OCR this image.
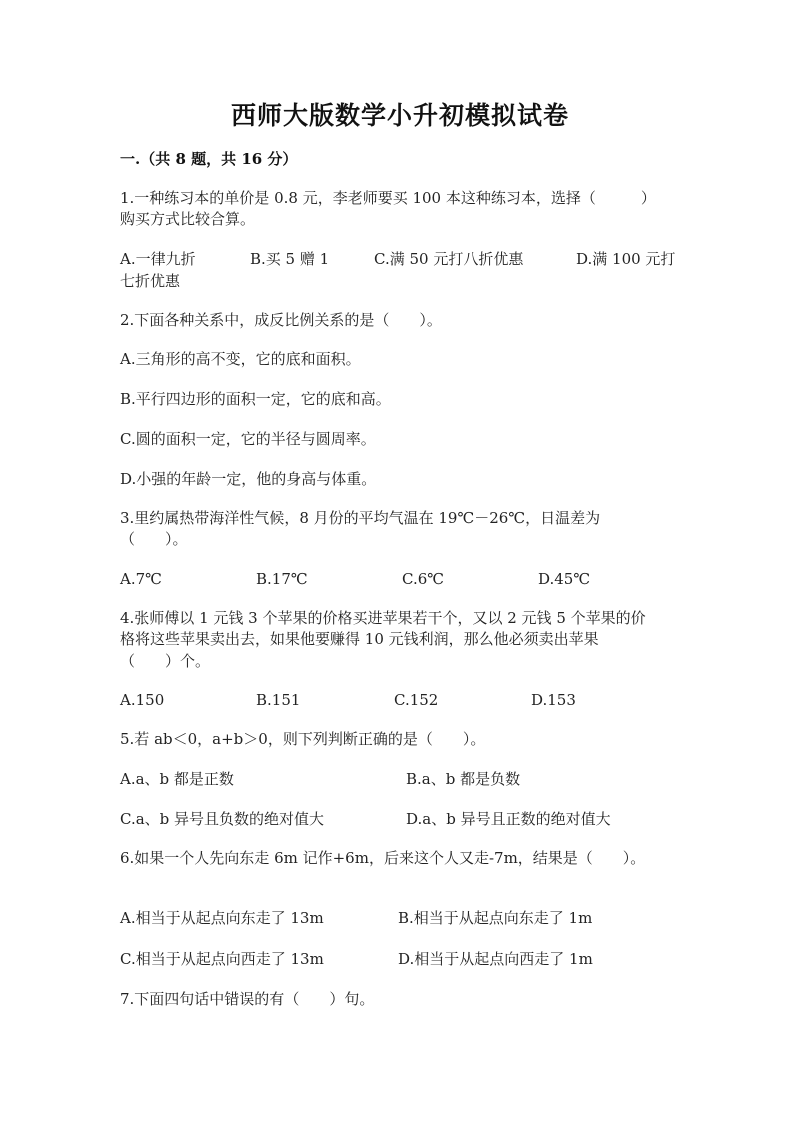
西师大版数学小升初模拟试卷
一.（共 8 题，共 16 分）
1.一种练习本的单价是 0.8 元，李老师要买 100 本这种练习本，选择（　　　）
购买方式比较合算。
A.一律九折	B.买 5 赠 1	C.满 50 元打八折优惠	D.满 100 元打
七折优惠
2.下面各种关系中，成反比例关系的是（　　）。
A.三角形的高不变，它的底和面积。
B.平行四边形的面积一定，它的底和高。
C.圆的面积一定，它的半径与圆周率。
D.小强的年龄一定，他的身高与体重。
3.里约属热带海洋性气候，8 月份的平均气温在 19℃－26℃，日温差为
（　　）。
A.7℃	B.17℃	C.6℃	D.45℃
4.张师傅以 1 元钱 3 个苹果的价格买进苹果若干个，又以 2 元钱 5 个苹果的价
格将这些苹果卖出去，如果他要赚得 10 元钱利润，那么他必须卖出苹果
（　　）个。
A.150	B.151	C.152	D.153
5.若 ab＜0，a+b＞0，则下列判断正确的是（　　）。
A.a、b 都是正数	B.a、b 都是负数
C.a、b 异号且负数的绝对值大	D.a、b 异号且正数的绝对值大
6.如果一个人先向东走 6m 记作+6m，后来这个人又走-7m，结果是（　　）。
A.相当于从起点向东走了 13m	B.相当于从起点向东走了 1m
C.相当于从起点向西走了 13m	D.相当于从起点向西走了 1m
7.下面四句话中错误的有（　　）句。
